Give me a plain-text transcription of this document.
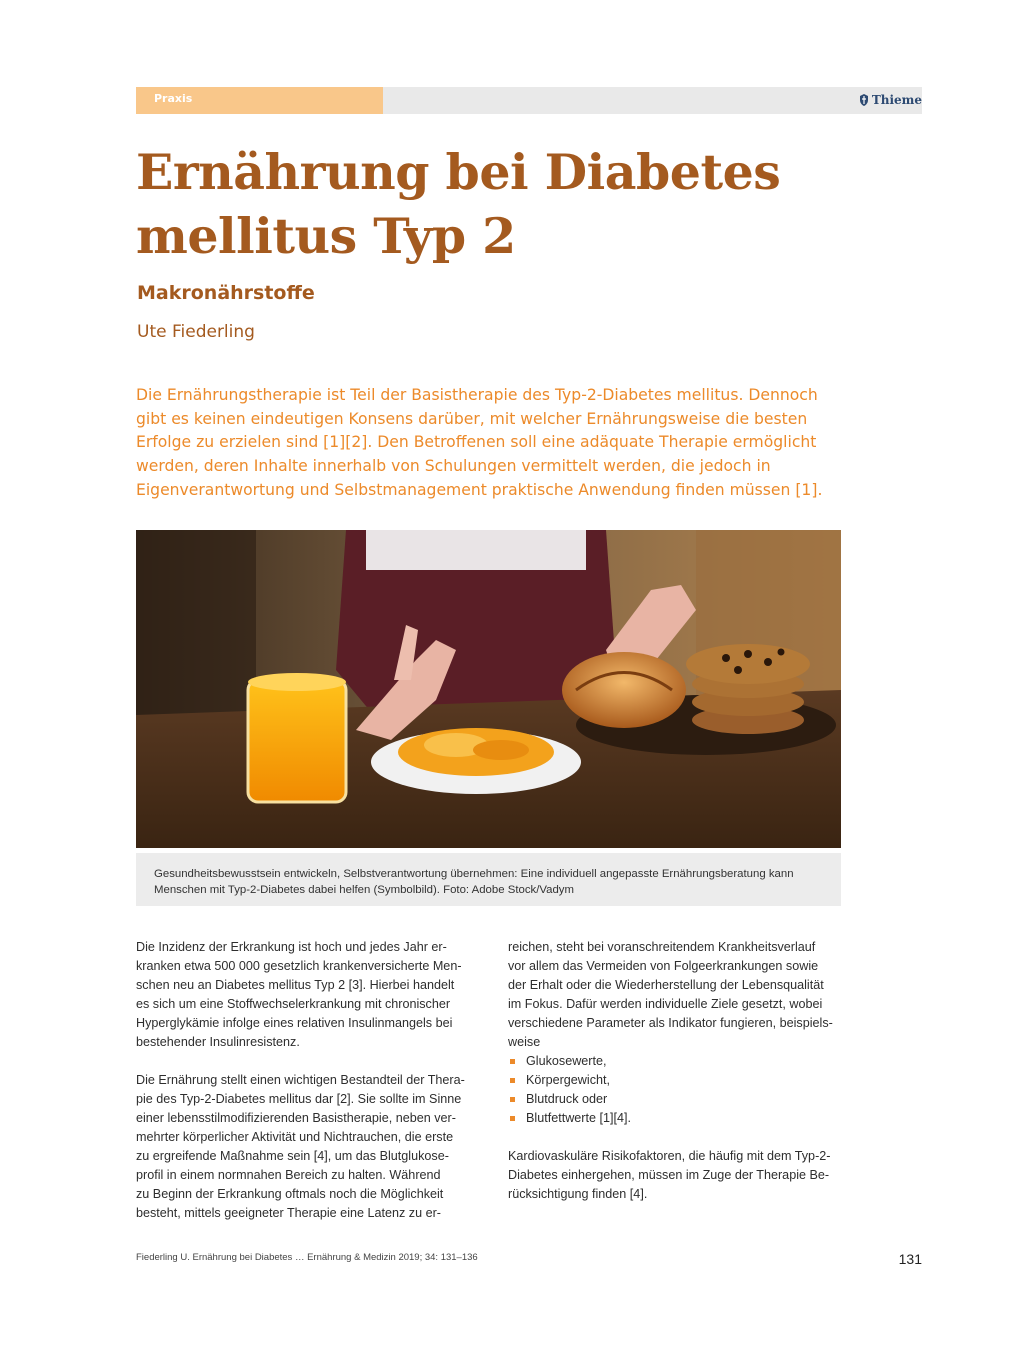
Praxis	Thieme
Ernährung bei Diabetes
mellitus Typ 2
Makronährstoffe
Ute Fiederling

Die Ernährungstherapie ist Teil der Basistherapie des Typ-2-Diabetes mellitus. Dennoch gibt es keinen eindeutigen Konsens darüber, mit welcher Ernährungsweise die besten Erfolge zu erzielen sind [1][2]. Den Betroffenen soll eine adäquate Therapie ermöglicht werden, deren Inhalte innerhalb von Schulungen vermittelt werden, die jedoch in Eigenverantwortung und Selbstmanagement praktische Anwendung finden müssen [1].

Gesundheitsbewusstsein entwickeln, Selbstverantwortung übernehmen: Eine individuell angepasste Ernährungsberatung kann Menschen mit Typ-2-Diabetes dabei helfen (Symbolbild). Foto: Adobe Stock/Vadym

Die Inzidenz der Erkrankung ist hoch und jedes Jahr er-
kranken etwa 500 000 gesetzlich krankenversicherte Men-
schen neu an Diabetes mellitus Typ 2 [3]. Hierbei handelt
es sich um eine Stoffwechselerkrankung mit chronischer
Hyperglykämie infolge eines relativen Insulinmangels bei
bestehender Insulinresistenz.

Die Ernährung stellt einen wichtigen Bestandteil der Thera-
pie des Typ-2-Diabetes mellitus dar [2]. Sie sollte im Sinne
einer lebensstilmodifizierenden Basistherapie, neben ver-
mehrter körperlicher Aktivität und Nichtrauchen, die erste
zu ergreifende Maßnahme sein [4], um das Blutglukose-
profil in einem normnahen Bereich zu halten. Während
zu Beginn der Erkrankung oftmals noch die Möglichkeit
besteht, mittels geeigneter Therapie eine Latenz zu er-

reichen, steht bei voranschreitendem Krankheitsverlauf
vor allem das Vermeiden von Folgeerkrankungen sowie
der Erhalt oder die Wiederherstellung der Lebensqualität
im Fokus. Dafür werden individuelle Ziele gesetzt, wobei
verschiedene Parameter als Indikator fungieren, beispiels-
weise

Glukosewerte,
Körpergewicht,
Blutdruck oder
Blutfettwerte [1][4].

Kardiovaskuläre Risikofaktoren, die häufig mit dem Typ-2-
Diabetes einhergehen, müssen im Zuge der Therapie Be-
rücksichtigung finden [4].

Fiederling U. Ernährung bei Diabetes … Ernährung & Medizin 2019; 34: 131–136	131
